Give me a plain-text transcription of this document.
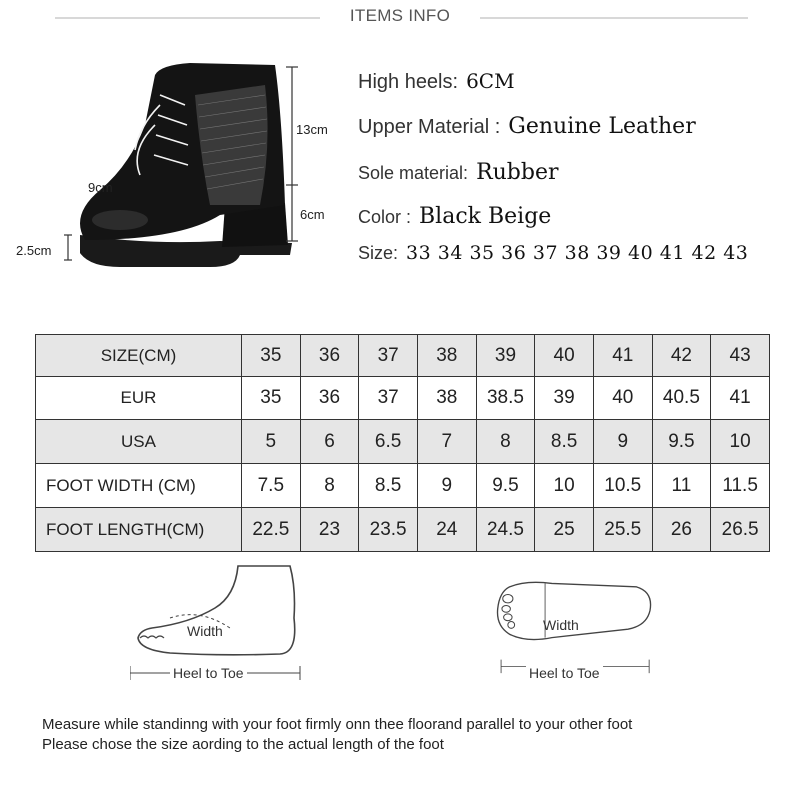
ITEMS INFO
13cm
9cm
6cm
2.5cm
High heels: 6CM
Upper Material : Genuine Leather
Sole material: Rubber
Color : Black Beige
Size: 33 34 35 36 37 38 39 40 41 42 43
SIZE(CM)	35	36	37	38	39	40	41	42	43
EUR	35	36	37	38	38.5	39	40	40.5	41
USA	5	6	6.5	7	8	8.5	9	9.5	10
FOOT WIDTH (CM)	7.5	8	8.5	9	9.5	10	10.5	11	11.5
FOOT LENGTH(CM)	22.5	23	23.5	24	24.5	25	25.5	26	26.5
Width
Heel to Toe
Width
Heel to Toe
Measure while standinng with your foot firmly onn thee floorand parallel to your other foot
Please chose the size aording to the actual length of the foot
